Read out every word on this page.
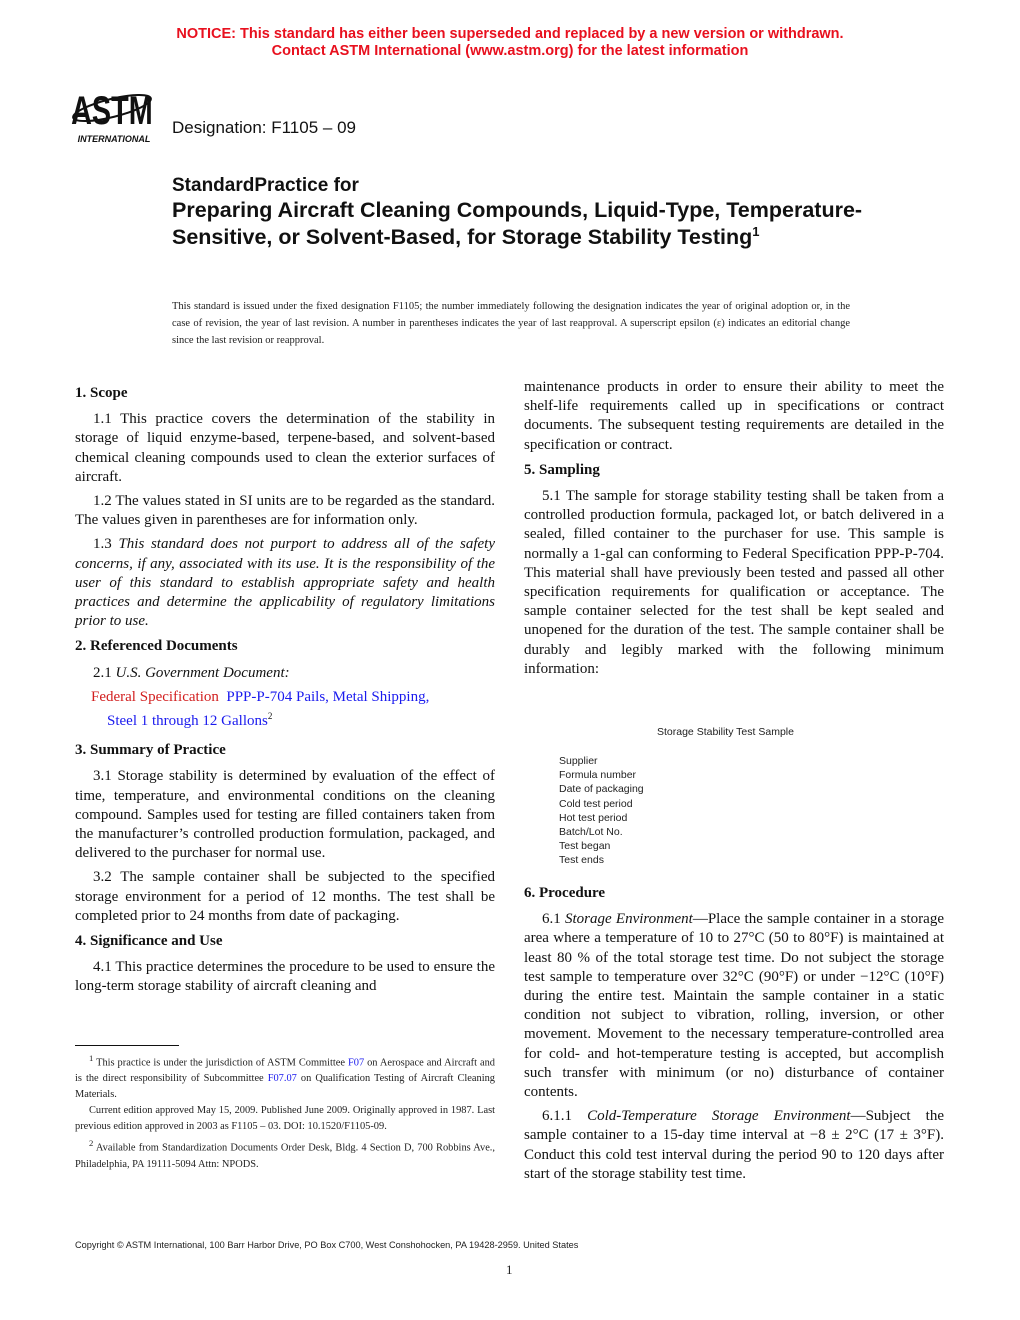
NOTICE: This standard has either been superseded and replaced by a new version or withdrawn.
Contact ASTM International (www.astm.org) for the latest information
ASTM
INTERNATIONAL
Designation: F1105 – 09
StandardPractice for
Preparing Aircraft Cleaning Compounds, Liquid-Type, Temperature-Sensitive, or Solvent-Based, for Storage Stability Testing$^1$
This standard is issued under the fixed designation F1105; the number immediately following the designation indicates the year of original adoption or, in the case of revision, the year of last revision. A number in parentheses indicates the year of last reapproval. A superscript epsilon (ε) indicates an editorial change since the last revision or reapproval.
1. Scope

1.1 This practice covers the determination of the stability in storage of liquid enzyme-based, terpene-based, and solvent-based chemical cleaning compounds used to clean the exterior surfaces of aircraft.

1.2 The values stated in SI units are to be regarded as the standard. The values given in parentheses are for information only.

1.3 This standard does not purport to address all of the safety concerns, if any, associated with its use. It is the responsibility of the user of this standard to establish appropriate safety and health practices and determine the applicability of regulatory limitations prior to use.

2. Referenced Documents

2.1 U.S. Government Document:

Federal Specification PPP-P-704 Pails, Metal Shipping,
Steel 1 through 12 Gallons$^2$
3. Summary of Practice

3.1 Storage stability is determined by evaluation of the effect of time, temperature, and environmental conditions on the cleaning compound. Samples used for testing are filled containers taken from the manufacturer’s controlled production formulation, packaged, and delivered to the purchaser for normal use.

3.2 The sample container shall be subjected to the specified storage environment for a period of 12 months. The test shall be completed prior to 24 months from date of packaging.

4. Significance and Use

4.1 This practice determines the procedure to be used to ensure the long-term storage stability of aircraft cleaning and

$^1$ This practice is under the jurisdiction of ASTM Committee F07 on Aerospace and Aircraft and is the direct responsibility of Subcommittee F07.07 on Qualification Testing of Aircraft Cleaning Materials.

Current edition approved May 15, 2009. Published June 2009. Originally approved in 1987. Last previous edition approved in 2003 as F1105 – 03. DOI: 10.1520/F1105-09.

$^2$ Available from Standardization Documents Order Desk, Bldg. 4 Section D, 700 Robbins Ave., Philadelphia, PA 19111-5094 Attn: NPODS.

maintenance products in order to ensure their ability to meet the shelf-life requirements called up in specifications or contract documents. The subsequent testing requirements are detailed in the specification or contract.

5. Sampling

5.1 The sample for storage stability testing shall be taken from a controlled production formula, packaged lot, or batch delivered in a sealed, filled container to the purchaser for use. This sample is normally a 1-gal can conforming to Federal Specification PPP-P-704. This material shall have previously been tested and passed all other specification requirements for qualification or acceptance. The sample container selected for the test shall be kept sealed and unopened for the duration of the test. The sample container shall be durably and legibly marked with the following minimum information:

Storage Stability Test Sample
Supplier
Formula number
Date of packaging
Cold test period
Hot test period
Batch/Lot No.
Test began
Test ends
6. Procedure

6.1 Storage Environment—Place the sample container in a storage area where a temperature of 10 to 27°C (50 to 80°F) is maintained at least 80 % of the total storage test time. Do not subject the storage test sample to temperature over 32°C (90°F) or under −12°C (10°F) during the entire test. Maintain the sample container in a static condition not subject to vibration, rolling, inversion, or other movement. Movement to the necessary temperature-controlled area for cold- and hot-temperature testing is accepted, but accomplish such transfer with minimum (or no) disturbance of container contents.

6.1.1 Cold-Temperature Storage Environment—Subject the sample container to a 15-day time interval at −8 ± 2°C (17 ± 3°F). Conduct this cold test interval during the period 90 to 120 days after start of the storage stability test time.

Copyright © ASTM International, 100 Barr Harbor Drive, PO Box C700, West Conshohocken, PA 19428-2959. United States
1
